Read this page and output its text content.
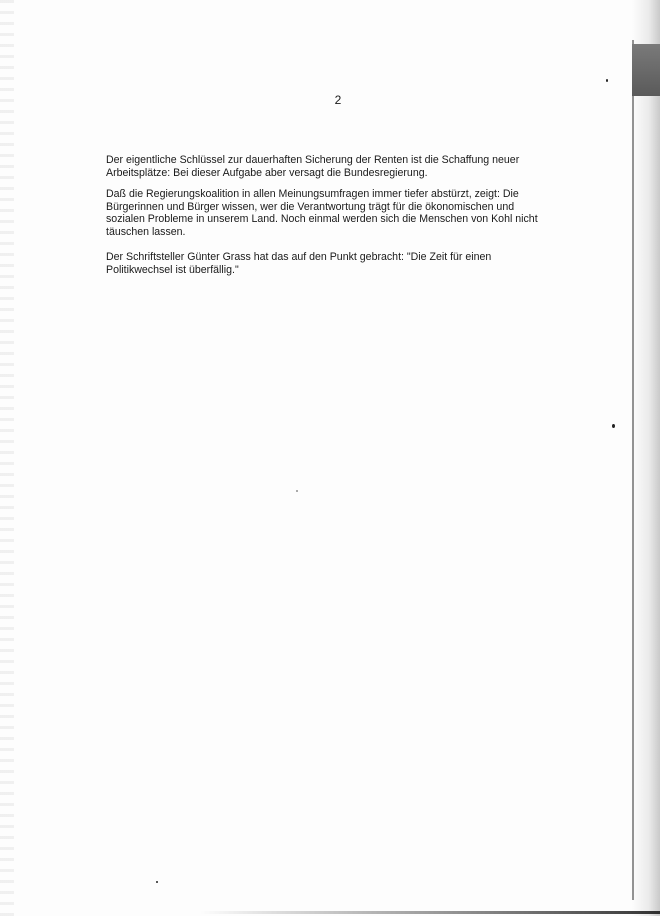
2
Der eigentliche Schlüssel zur dauerhaften Sicherung der Renten ist die Schaffung neuer
Arbeitsplätze: Bei dieser Aufgabe aber versagt die Bundesregierung.
Daß die Regierungskoalition in allen Meinungsumfragen immer tiefer abstürzt, zeigt: Die
Bürgerinnen und Bürger wissen, wer die Verantwortung trägt für die ökonomischen und
sozialen Probleme in unserem Land. Noch einmal werden sich die Menschen von Kohl nicht
täuschen lassen.
Der Schriftsteller Günter Grass hat das auf den Punkt gebracht: "Die Zeit für einen
Politikwechsel ist überfällig."
